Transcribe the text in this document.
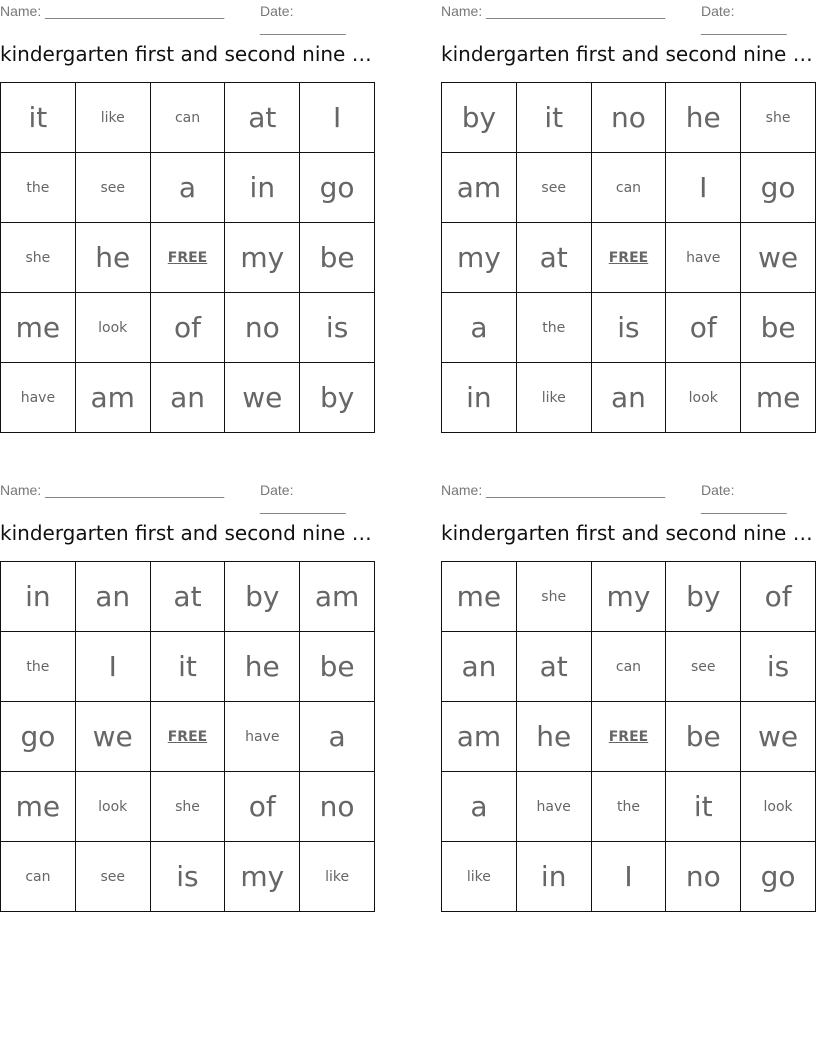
Name: _______________________	Date: ___________
kindergarten first and second nine …
it	like	can	at	I
the	see	a	in	go
she	he	FREE	my	be
me	look	of	no	is
have	am	an	we	by
Name: _______________________	Date: ___________
kindergarten first and second nine …
by	it	no	he	she
am	see	can	I	go
my	at	FREE	have	we
a	the	is	of	be
in	like	an	look	me
Name: _______________________	Date: ___________
kindergarten first and second nine …
in	an	at	by	am
the	I	it	he	be
go	we	FREE	have	a
me	look	she	of	no
can	see	is	my	like
Name: _______________________	Date: ___________
kindergarten first and second nine …
me	she	my	by	of
an	at	can	see	is
am	he	FREE	be	we
a	have	the	it	look
like	in	I	no	go
